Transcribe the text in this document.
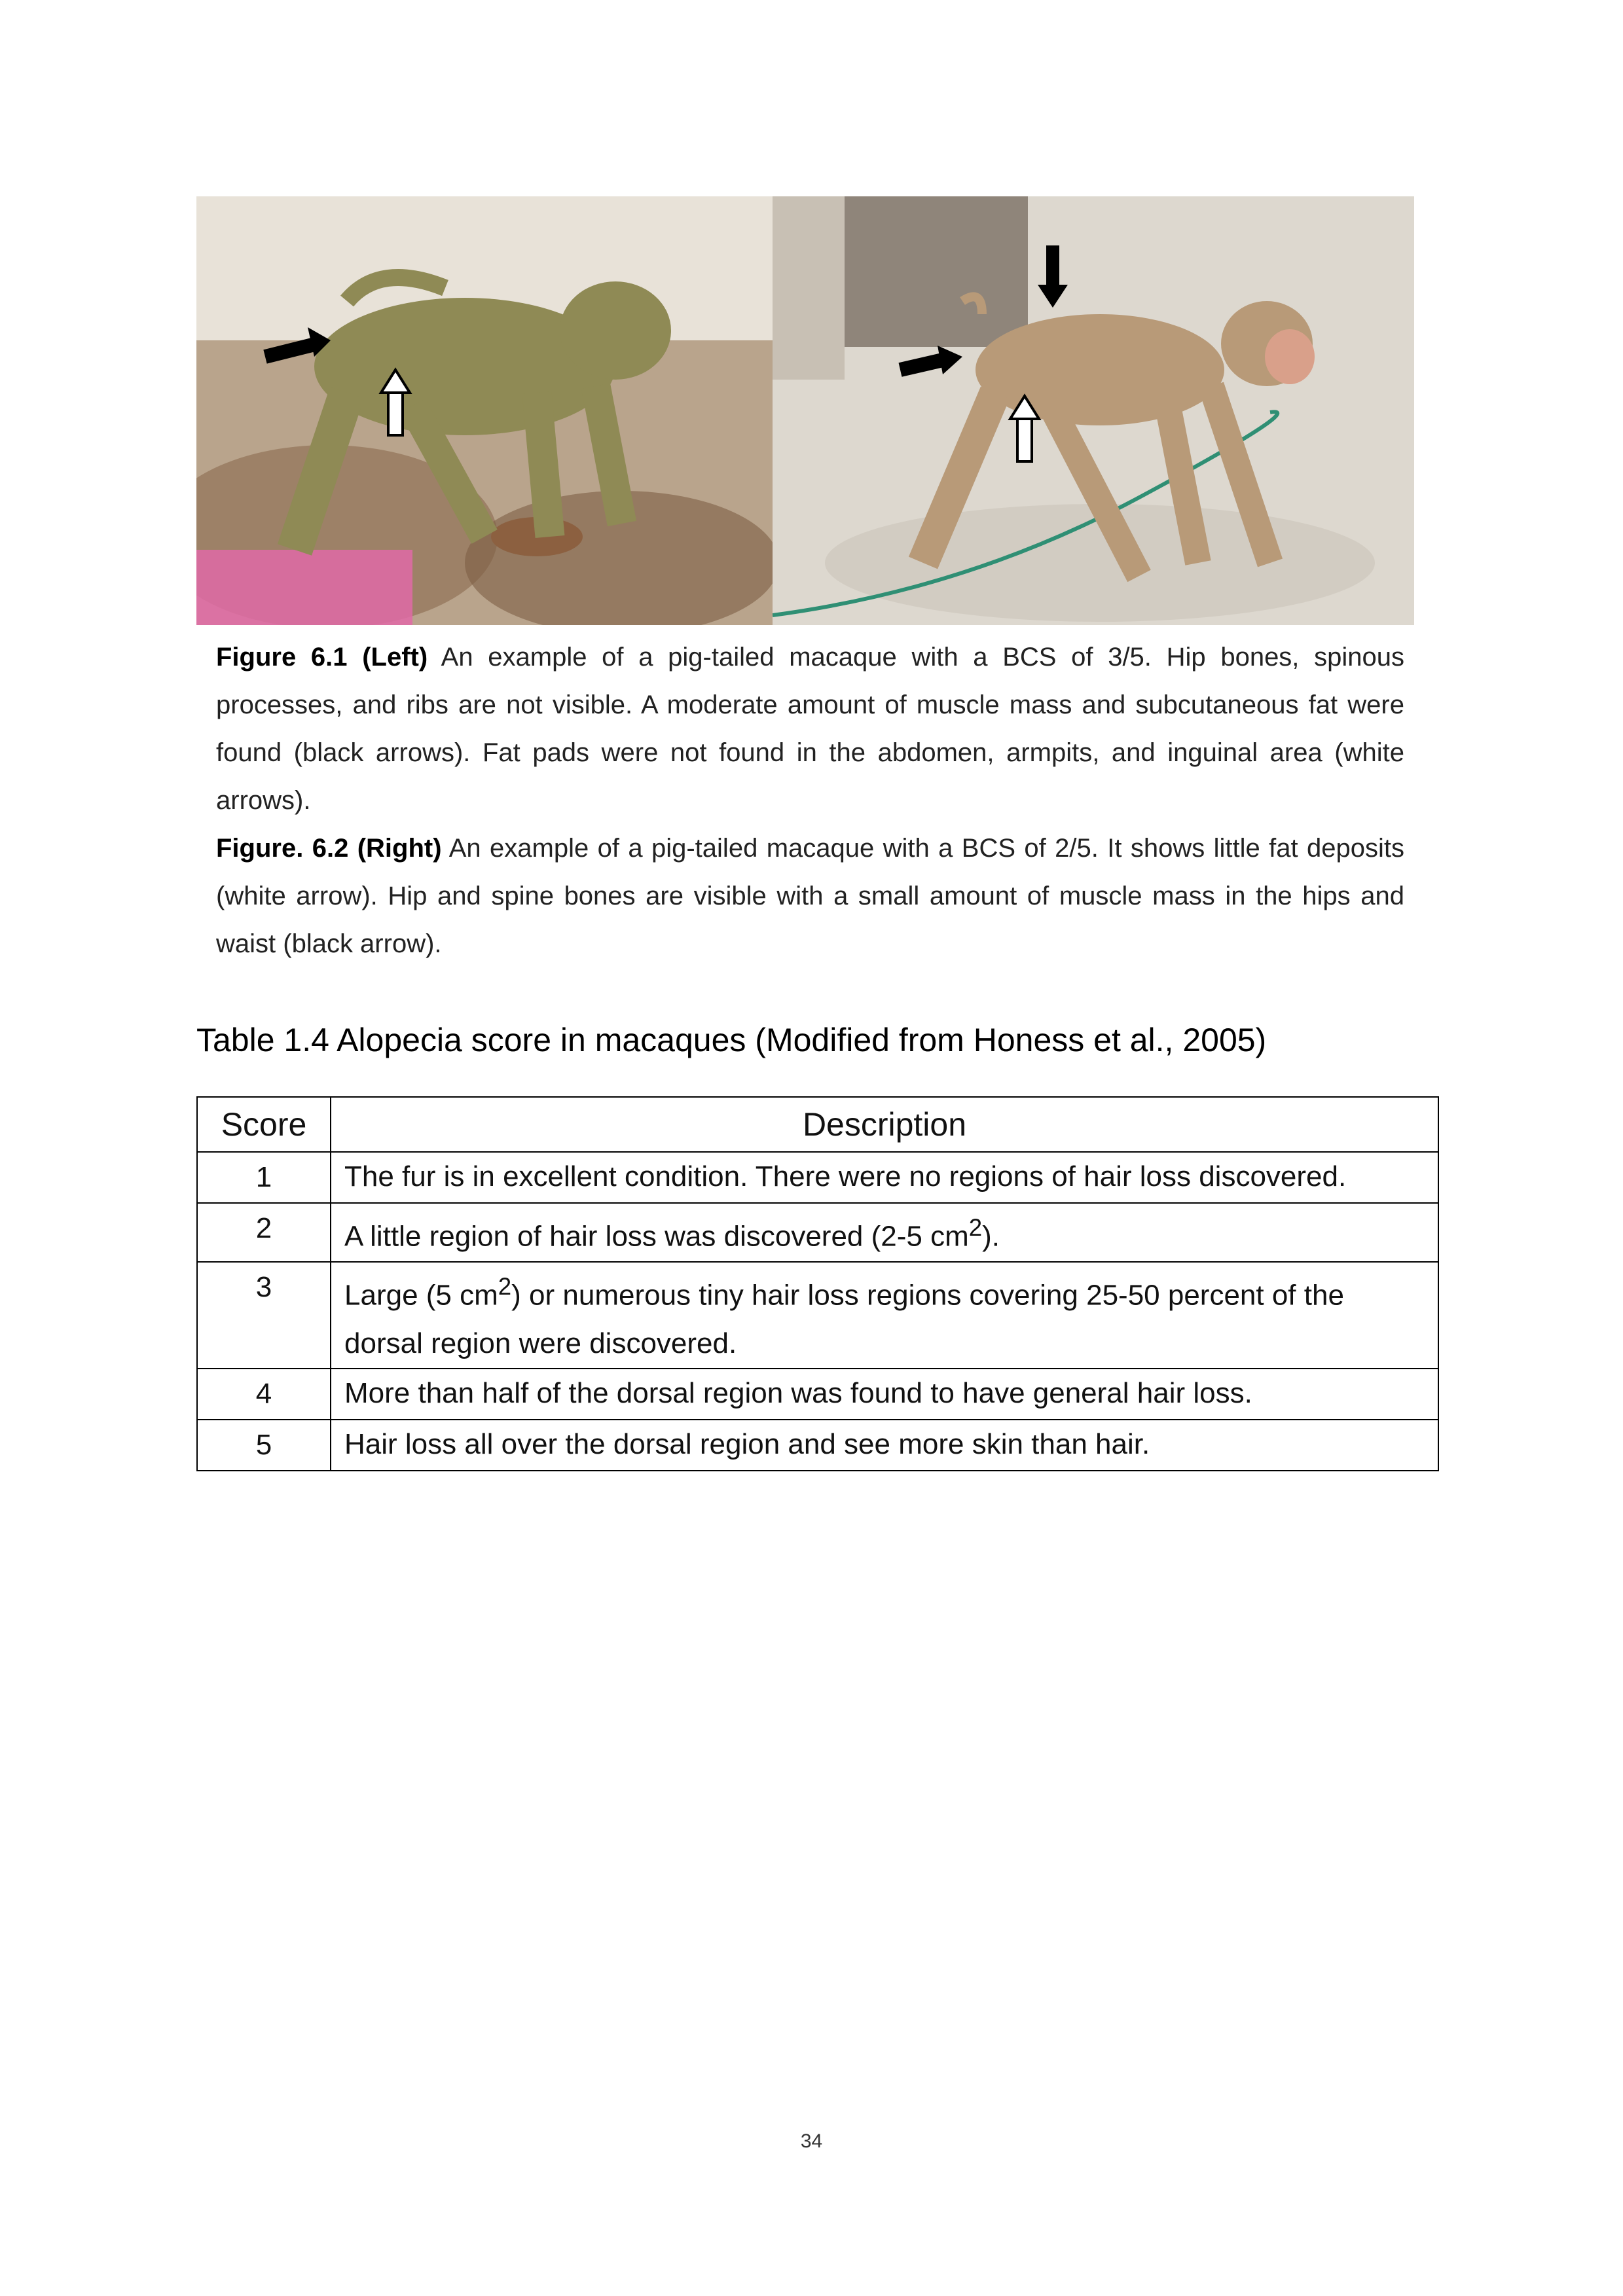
Figure 6.1 (Left) An example of a pig-tailed macaque with a BCS of 3/5. Hip bones, spinous processes, and ribs are not visible. A moderate amount of muscle mass and subcutaneous fat were found (black arrows). Fat pads were not found in the abdomen, armpits, and inguinal area (white arrows).

Figure. 6.2 (Right) An example of a pig-tailed macaque with a BCS of 2/5. It shows little fat deposits (white arrow). Hip and spine bones are visible with a small amount of muscle mass in the hips and waist (black arrow).

Table 1.4 Alopecia score in macaques (Modified from Honess et al., 2005)
Score	Description
1	The fur is in excellent condition. There were no regions of hair loss discovered.
2	A little region of hair loss was discovered (2-5 $cm^2$).
3	Large (5 $cm^2$) or numerous tiny hair loss regions covering 25-50 percent of the dorsal region were discovered.
4	More than half of the dorsal region was found to have general hair loss.
5	Hair loss all over the dorsal region and see more skin than hair.
34
